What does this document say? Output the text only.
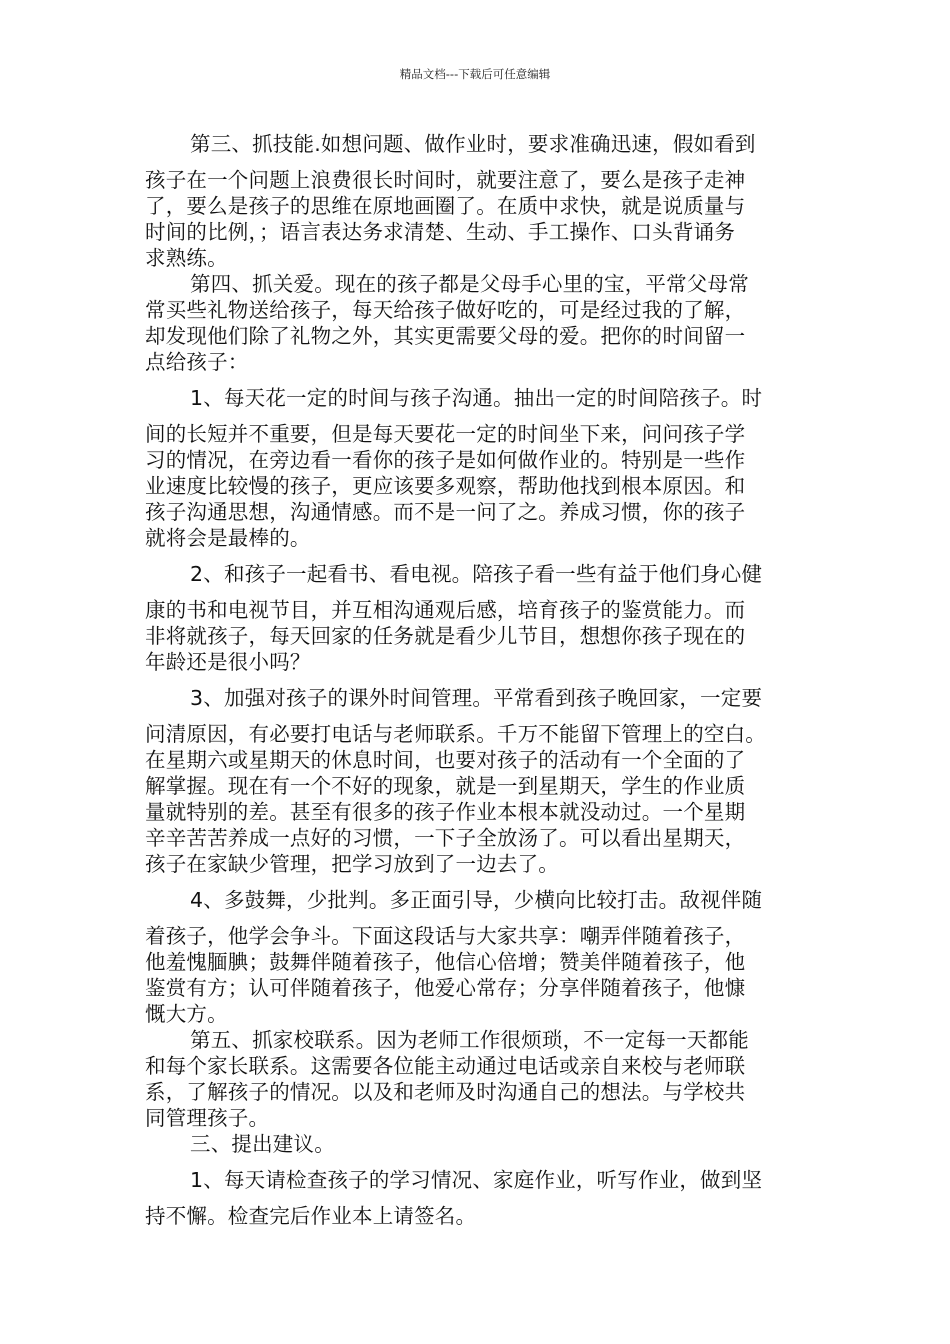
精品文档---下载后可任意编辑
第三、抓技能.如想问题、做作业时，要求准确迅速，假如看到
孩子在一个问题上浪费很长时间时，就要注意了，要么是孩子走神
了，要么是孩子的思维在原地画圈了。在质中求快，就是说质量与
时间的比例，；语言表达务求清楚、生动、手工操作、口头背诵务
求熟练。
第四、抓关爱。现在的孩子都是父母手心里的宝，平常父母常
常买些礼物送给孩子，每天给孩子做好吃的，可是经过我的了解，
却发现他们除了礼物之外，其实更需要父母的爱。把你的时间留一
点给孩子：
1、每天花一定的时间与孩子沟通。抽出一定的时间陪孩子。时
间的长短并不重要，但是每天要花一定的时间坐下来，问问孩子学
习的情况，在旁边看一看你的孩子是如何做作业的。特别是一些作
业速度比较慢的孩子，更应该要多观察，帮助他找到根本原因。和
孩子沟通思想，沟通情感。而不是一问了之。养成习惯，你的孩子
就将会是最棒的。
2、和孩子一起看书、看电视。陪孩子看一些有益于他们身心健
康的书和电视节目，并互相沟通观后感，培育孩子的鉴赏能力。而
非将就孩子，每天回家的任务就是看少儿节目，想想你孩子现在的
年龄还是很小吗？
3、加强对孩子的课外时间管理。平常看到孩子晚回家，一定要
问清原因，有必要打电话与老师联系。千万不能留下管理上的空白。
在星期六或星期天的休息时间，也要对孩子的活动有一个全面的了
解掌握。现在有一个不好的现象，就是一到星期天，学生的作业质
量就特别的差。甚至有很多的孩子作业本根本就没动过。一个星期
辛辛苦苦养成一点好的习惯，一下子全放汤了。可以看出星期天，
孩子在家缺少管理，把学习放到了一边去了。
4、多鼓舞，少批判。多正面引导，少横向比较打击。敌视伴随
着孩子，他学会争斗。下面这段话与大家共享：嘲弄伴随着孩子，
他羞愧腼腆；鼓舞伴随着孩子，他信心倍增；赞美伴随着孩子，他
鉴赏有方；认可伴随着孩子，他爱心常存；分享伴随着孩子，他慷
慨大方。
第五、抓家校联系。因为老师工作很烦琐，不一定每一天都能
和每个家长联系。这需要各位能主动通过电话或亲自来校与老师联
系，了解孩子的情况。以及和老师及时沟通自己的想法。与学校共
同管理孩子。
三、提出建议。
1、每天请检查孩子的学习情况、家庭作业，听写作业，做到坚
持不懈。检查完后作业本上请签名。
